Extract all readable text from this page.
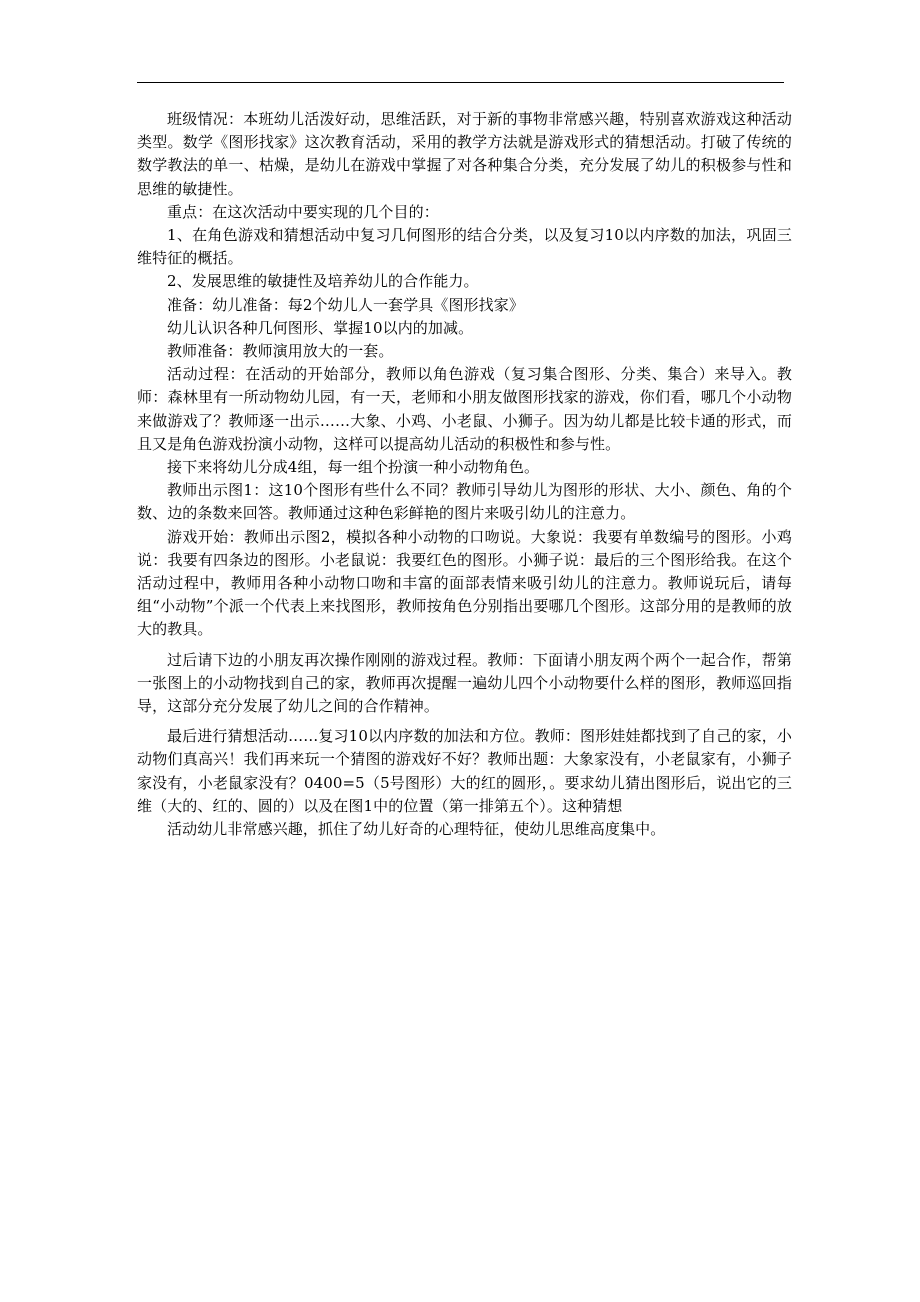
班级情况：本班幼儿活泼好动，思维活跃，对于新的事物非常感兴趣，特别喜欢游戏这种活动类型。数学《图形找家》这次教育活动，采用的教学方法就是游戏形式的猜想活动。打破了传统的数学教法的单一、枯燥，是幼儿在游戏中掌握了对各种集合分类，充分发展了幼儿的积极参与性和思维的敏捷性。

重点：在这次活动中要实现的几个目的：

1、在角色游戏和猜想活动中复习几何图形的结合分类，以及复习10以内序数的加法，巩固三维特征的概括。

2、发展思维的敏捷性及培养幼儿的合作能力。

准备：幼儿准备：每2个幼儿人一套学具《图形找家》

幼儿认识各种几何图形、掌握10以内的加减。

教师准备：教师演用放大的一套。

活动过程：在活动的开始部分，教师以角色游戏（复习集合图形、分类、集合）来导入。教师：森林里有一所动物幼儿园，有一天，老师和小朋友做图形找家的游戏，你们看，哪几个小动物来做游戏了？教师逐一出示……大象、小鸡、小老鼠、小狮子。因为幼儿都是比较卡通的形式，而且又是角色游戏扮演小动物，这样可以提高幼儿活动的积极性和参与性。

接下来将幼儿分成4组，每一组个扮演一种小动物角色。

教师出示图1：这10个图形有些什么不同？教师引导幼儿为图形的形状、大小、颜色、角的个数、边的条数来回答。教师通过这种色彩鲜艳的图片来吸引幼儿的注意力。

游戏开始：教师出示图2，模拟各种小动物的口吻说。大象说：我要有单数编号的图形。小鸡说：我要有四条边的图形。小老鼠说：我要红色的图形。小狮子说：最后的三个图形给我。在这个活动过程中，教师用各种小动物口吻和丰富的面部表情来吸引幼儿的注意力。教师说玩后，请每组“小动物”个派一个代表上来找图形，教师按角色分别指出要哪几个图形。这部分用的是教师的放大的教具。

过后请下边的小朋友再次操作刚刚的游戏过程。教师：下面请小朋友两个两个一起合作，帮第一张图上的小动物找到自己的家，教师再次提醒一遍幼儿四个小动物要什么样的图形，教师巡回指导，这部分充分发展了幼儿之间的合作精神。

最后进行猜想活动……复习10以内序数的加法和方位。教师：图形娃娃都找到了自己的家，小动物们真高兴！我们再来玩一个猜图的游戏好不好？教师出题：大象家没有，小老鼠家有，小狮子家没有，小老鼠家没有？0400=5（5号图形）大的红的圆形，。要求幼儿猜出图形后，说出它的三维（大的、红的、圆的）以及在图1中的位置（第一排第五个）。这种猜想

活动幼儿非常感兴趣，抓住了幼儿好奇的心理特征，使幼儿思维高度集中。
